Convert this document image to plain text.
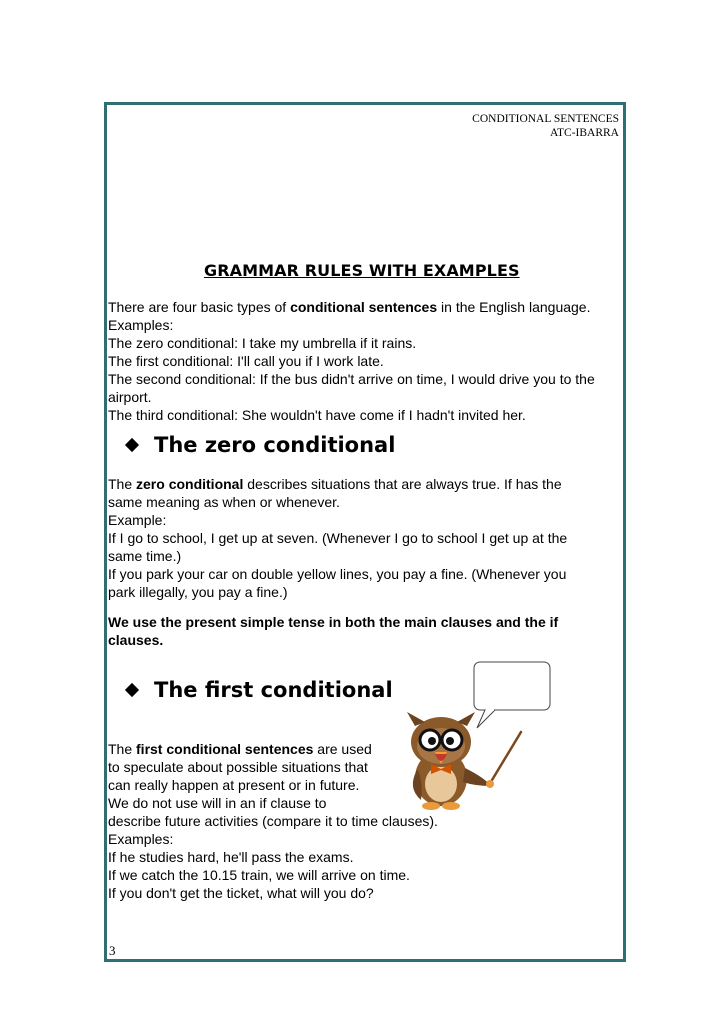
CONDITIONAL SENTENCES
ATC-IBARRA
GRAMMAR RULES WITH EXAMPLES
There are four basic types of conditional sentences in the English language.
Examples:
The zero conditional: I take my umbrella if it rains.
The first conditional: I'll call you if I work late.
The second conditional: If the bus didn't arrive on time, I would drive you to the
airport.
The third conditional: She wouldn't have come if I hadn't invited her.
The zero conditional
The zero conditional describes situations that are always true. If has the
same meaning as when or whenever.
Example:
If I go to school, I get up at seven. (Whenever I go to school I get up at the
same time.)
If you park your car on double yellow lines, you pay a fine. (Whenever you
park illegally, you pay a fine.)
We use the present simple tense in both the main clauses and the if
clauses.
The first conditional
The first conditional sentences are used
to speculate about possible situations that
can really happen at present or in future.
We do not use will in an if clause to
describe future activities (compare it to time clauses).
Examples:
If he studies hard, he'll pass the exams.
If we catch the 10.15 train, we will arrive on time.
If you don't get the ticket, what will you do?
3
